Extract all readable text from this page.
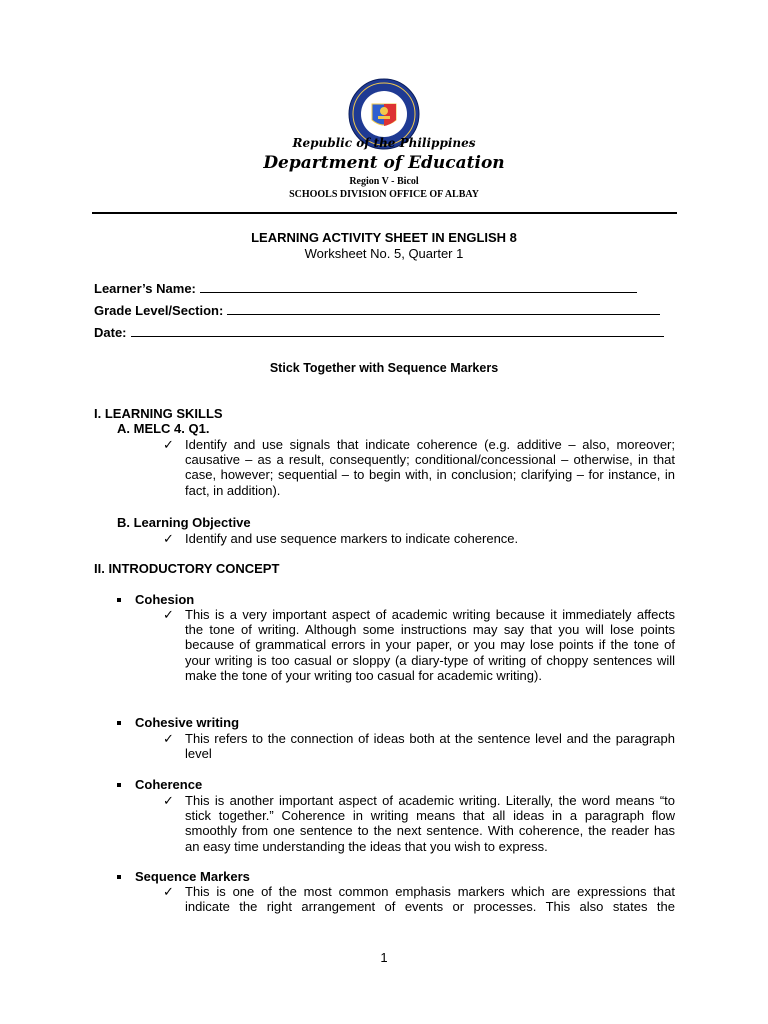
Republic of the Philippines
Department of Education
Region V - Bicol
SCHOOLS DIVISION OFFICE OF ALBAY
LEARNING ACTIVITY SHEET IN ENGLISH 8
Worksheet No. 5, Quarter 1
Learner’s Name:
Grade Level/Section:
Date:
Stick Together with Sequence Markers
I. LEARNING SKILLS
A. MELC 4. Q1.
✓ Identify and use signals that indicate coherence (e.g. additive – also, moreover; causative – as a result, consequently; conditional/concessional – otherwise, in that case, however; sequential – to begin with, in conclusion; clarifying – for instance, in fact, in addition).
B. Learning Objective
✓ Identify and use sequence markers to indicate coherence.
II. INTRODUCTORY CONCEPT
Cohesion
✓ This is a very important aspect of academic writing because it immediately affects the tone of writing. Although some instructions may say that you will lose points because of grammatical errors in your paper, or you may lose points if the tone of your writing is too casual or sloppy (a diary-type of writing of choppy sentences will make the tone of your writing too casual for academic writing).
Cohesive writing
✓ This refers to the connection of ideas both at the sentence level and the paragraph level
Coherence
✓ This is another important aspect of academic writing. Literally, the word means “to stick together.” Coherence in writing means that all ideas in a paragraph flow smoothly from one sentence to the next sentence. With coherence, the reader has an easy time understanding the ideas that you wish to express.
Sequence Markers
✓ This is one of the most common emphasis markers which are expressions that indicate the right arrangement of events or processes. This also states the
1
